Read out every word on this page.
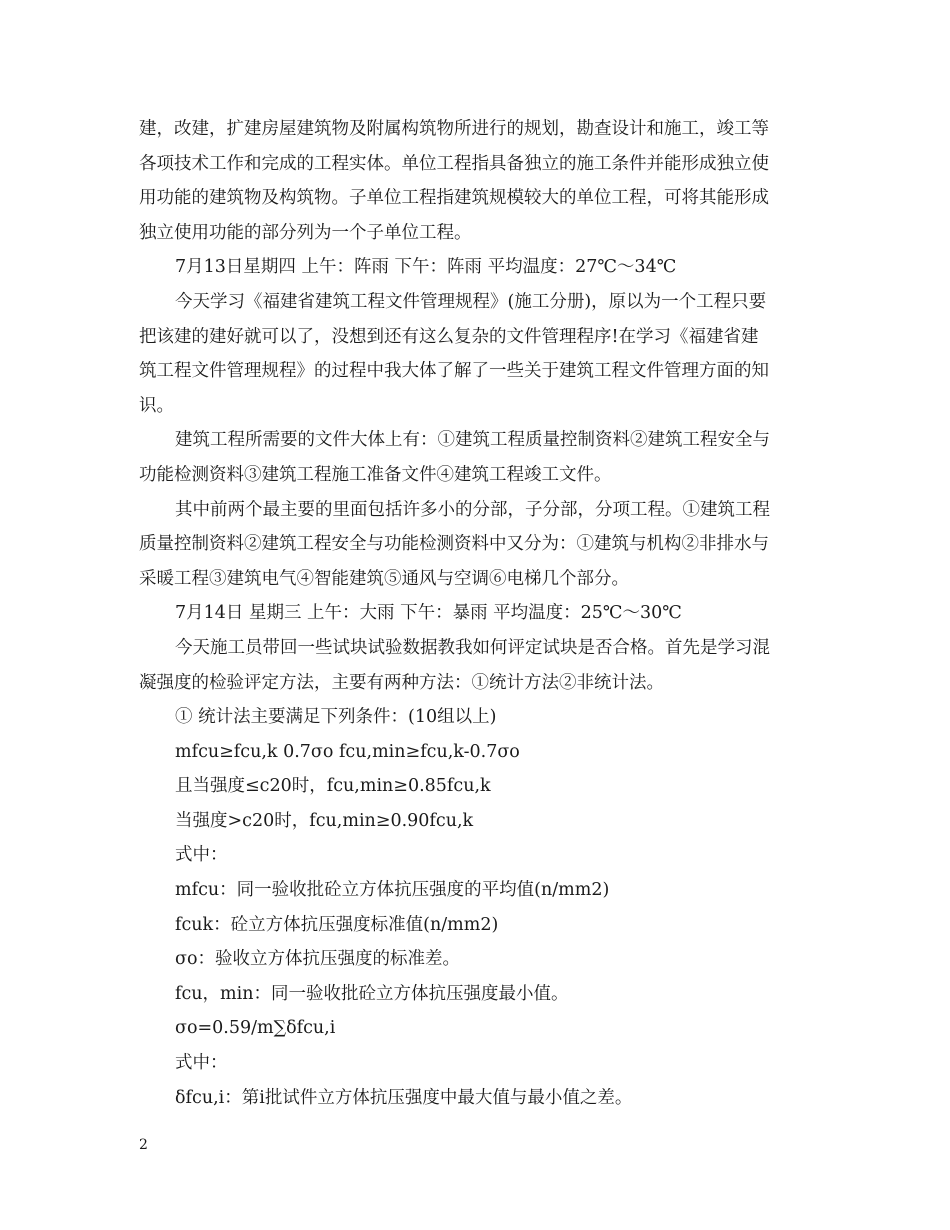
建，改建，扩建房屋建筑物及附属构筑物所进行的规划，勘查设计和施工，竣工等
各项技术工作和完成的工程实体。单位工程指具备独立的施工条件并能形成独立使
用功能的建筑物及构筑物。子单位工程指建筑规模较大的单位工程，可将其能形成
独立使用功能的部分列为一个子单位工程。
7月13日星期四 上午：阵雨 下午：阵雨 平均温度：27℃～34℃
今天学习《福建省建筑工程文件管理规程》(施工分册)，原以为一个工程只要
把该建的建好就可以了，没想到还有这么复杂的文件管理程序!在学习《福建省建
筑工程文件管理规程》的过程中我大体了解了一些关于建筑工程文件管理方面的知
识。
建筑工程所需要的文件大体上有：①建筑工程质量控制资料②建筑工程安全与
功能检测资料③建筑工程施工准备文件④建筑工程竣工文件。
其中前两个最主要的里面包括许多小的分部，子分部，分项工程。①建筑工程
质量控制资料②建筑工程安全与功能检测资料中又分为：①建筑与机构②非排水与
采暖工程③建筑电气④智能建筑⑤通风与空调⑥电梯几个部分。
7月14日 星期三 上午：大雨 下午：暴雨 平均温度：25℃～30℃
今天施工员带回一些试块试验数据教我如何评定试块是否合格。首先是学习混
凝强度的检验评定方法，主要有两种方法：①统计方法②非统计法。
① 统计法主要满足下列条件：(10组以上)
mfcu≥fcu,k 0.7σo fcu,min≥fcu,k-0.7σo
且当强度≤c20时，fcu,min≥0.85fcu,k
当强度>c20时，fcu,min≥0.90fcu,k
式中：
mfcu：同一验收批砼立方体抗压强度的平均值(n/mm2)
fcuk：砼立方体抗压强度标准值(n/mm2)
σo：验收立方体抗压强度的标准差。
fcu，min：同一验收批砼立方体抗压强度最小值。
σo=0.59/m∑δfcu,i
式中：
δfcu,i：第i批试件立方体抗压强度中最大值与最小值之差。
2
